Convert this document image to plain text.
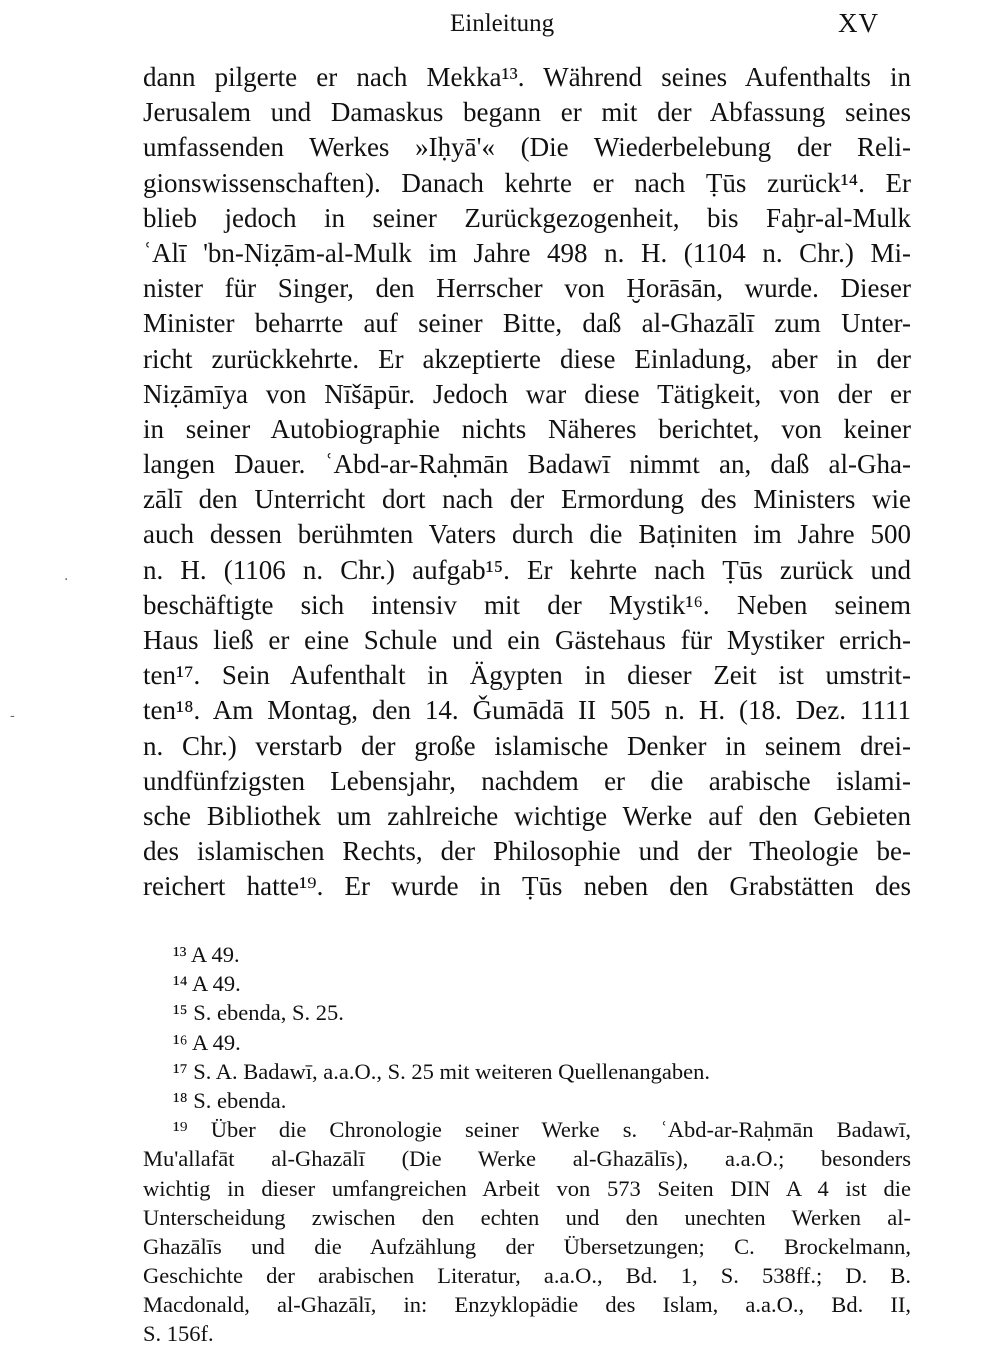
Einleitung	XV
·
-
dann pilgerte er nach Mekka¹³. Während seines Aufenthalts in
Jerusalem und Damaskus begann er mit der Abfassung seines
umfassenden Werkes »Iḥyā'« (Die Wiederbelebung der Reli-
gionswissenschaften). Danach kehrte er nach Ṭūs zurück¹⁴. Er
blieb jedoch in seiner Zurückgezogenheit, bis Faḫr-al-Mulk
ʿAlī 'bn-Niẓām-al-Mulk im Jahre 498 n. H. (1104 n. Chr.) Mi-
nister für Singer, den Herrscher von Ḫorāsān, wurde. Dieser
Minister beharrte auf seiner Bitte, daß al-Ghazālī zum Unter-
richt zurückkehrte. Er akzeptierte diese Einladung, aber in der
Niẓāmīya von Nīšāpūr. Jedoch war diese Tätigkeit, von der er
in seiner Autobiographie nichts Näheres berichtet, von keiner
langen Dauer. ʿAbd-ar-Raḥmān Badawī nimmt an, daß al-Gha-
zālī den Unterricht dort nach der Ermordung des Ministers wie
auch dessen berühmten Vaters durch die Baṭiniten im Jahre 500
n. H. (1106 n. Chr.) aufgab¹⁵. Er kehrte nach Ṭūs zurück und
beschäftigte sich intensiv mit der Mystik¹⁶. Neben seinem
Haus ließ er eine Schule und ein Gästehaus für Mystiker errich-
ten¹⁷. Sein Aufenthalt in Ägypten in dieser Zeit ist umstrit-
ten¹⁸. Am Montag, den 14. Ǧumādā II 505 n. H. (18. Dez. 1111
n. Chr.) verstarb der große islamische Denker in seinem drei-
undfünfzigsten Lebensjahr, nachdem er die arabische islami-
sche Bibliothek um zahlreiche wichtige Werke auf den Gebieten
des islamischen Rechts, der Philosophie und der Theologie be-
reichert hatte¹⁹. Er wurde in Ṭūs neben den Grabstätten des
¹³ A 49.
¹⁴ A 49.
¹⁵ S. ebenda, S. 25.
¹⁶ A 49.
¹⁷ S. A. Badawī, a.a.O., S. 25 mit weiteren Quellenangaben.
¹⁸ S. ebenda.
¹⁹ Über die Chronologie seiner Werke s. ʿAbd-ar-Raḥmān Badawī,
Mu'allafāt al-Ghazālī (Die Werke al-Ghazālīs), a.a.O.; besonders
wichtig in dieser umfangreichen Arbeit von 573 Seiten DIN A 4 ist die
Unterscheidung zwischen den echten und den unechten Werken al-
Ghazālīs und die Aufzählung der Übersetzungen; C. Brockelmann,
Geschichte der arabischen Literatur, a.a.O., Bd. 1, S. 538ff.; D. B.
Macdonald, al-Ghazālī, in: Enzyklopädie des Islam, a.a.O., Bd. II,
S. 156f.
